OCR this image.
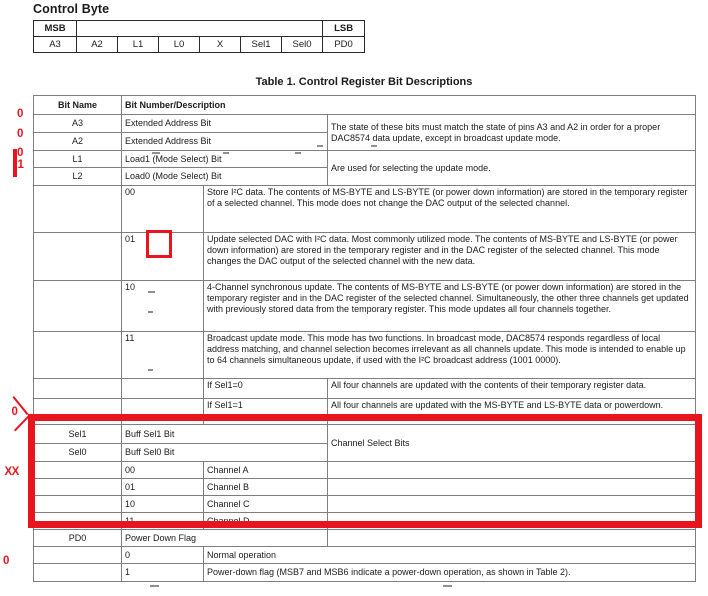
Control Byte
MSB							LSB
A3	A2	L1	L0	X	Sel1	Sel0	PD0
Table 1. Control Register Bit Descriptions
Bit Name	Bit Number/Description		
A3	Extended Address Bit		The state of these bits must match the state of pins A3 and A2 in order for a proper DAC8574 data update, except in broadcast update mode.
A2	Extended Address Bit		
L1	Load1 (Mode Select) Bit		Are used for selecting the update mode.
L2	Load0 (Mode Select) Bit		
	00	Store I²C data. The contents of MS-BYTE and LS-BYTE (or power down information) are stored in the temporary register of a selected channel. This mode does not change the DAC output of the selected channel.	
	01	Update selected DAC with I²C data. Most commonly utilized mode. The contents of MS-BYTE and LS-BYTE (or power down information) are stored in the temporary register and in the DAC register of the selected channel. This mode changes the DAC output of the selected channel with the new data.	
	10	4-Channel synchronous update. The contents of MS-BYTE and LS-BYTE (or power down information) are stored in the temporary register and in the DAC register of the selected channel. Simultaneously, the other three channels get updated with previously stored data from the temporary register. This mode updates all four channels together.	
	11	Broadcast update mode. This mode has two functions. In broadcast mode, DAC8574 responds regardless of local address matching, and channel selection becomes irrelevant as all channels update. This mode is intended to enable up to 64 channels simultaneous update, if used with the I²C broadcast address (1001 0000).	
		If Sel1=0	All four channels are updated with the contents of their temporary register data.
		If Sel1=1	All four channels are updated with the MS-BYTE and LS-BYTE data or powerdown.
Sel1	Buff Sel1 Bit		Channel Select Bits
Sel0	Buff Sel0 Bit		
	00	Channel A	
	01	Channel B	
	10	Channel C	
	11	Channel D	
PD0	Power Down Flag		
	0	Normal operation	
	1	Power-down flag (MSB7 and MSB6 indicate a power-down operation, as shown in Table 2).	
0
0
0
1
0
XX
0
